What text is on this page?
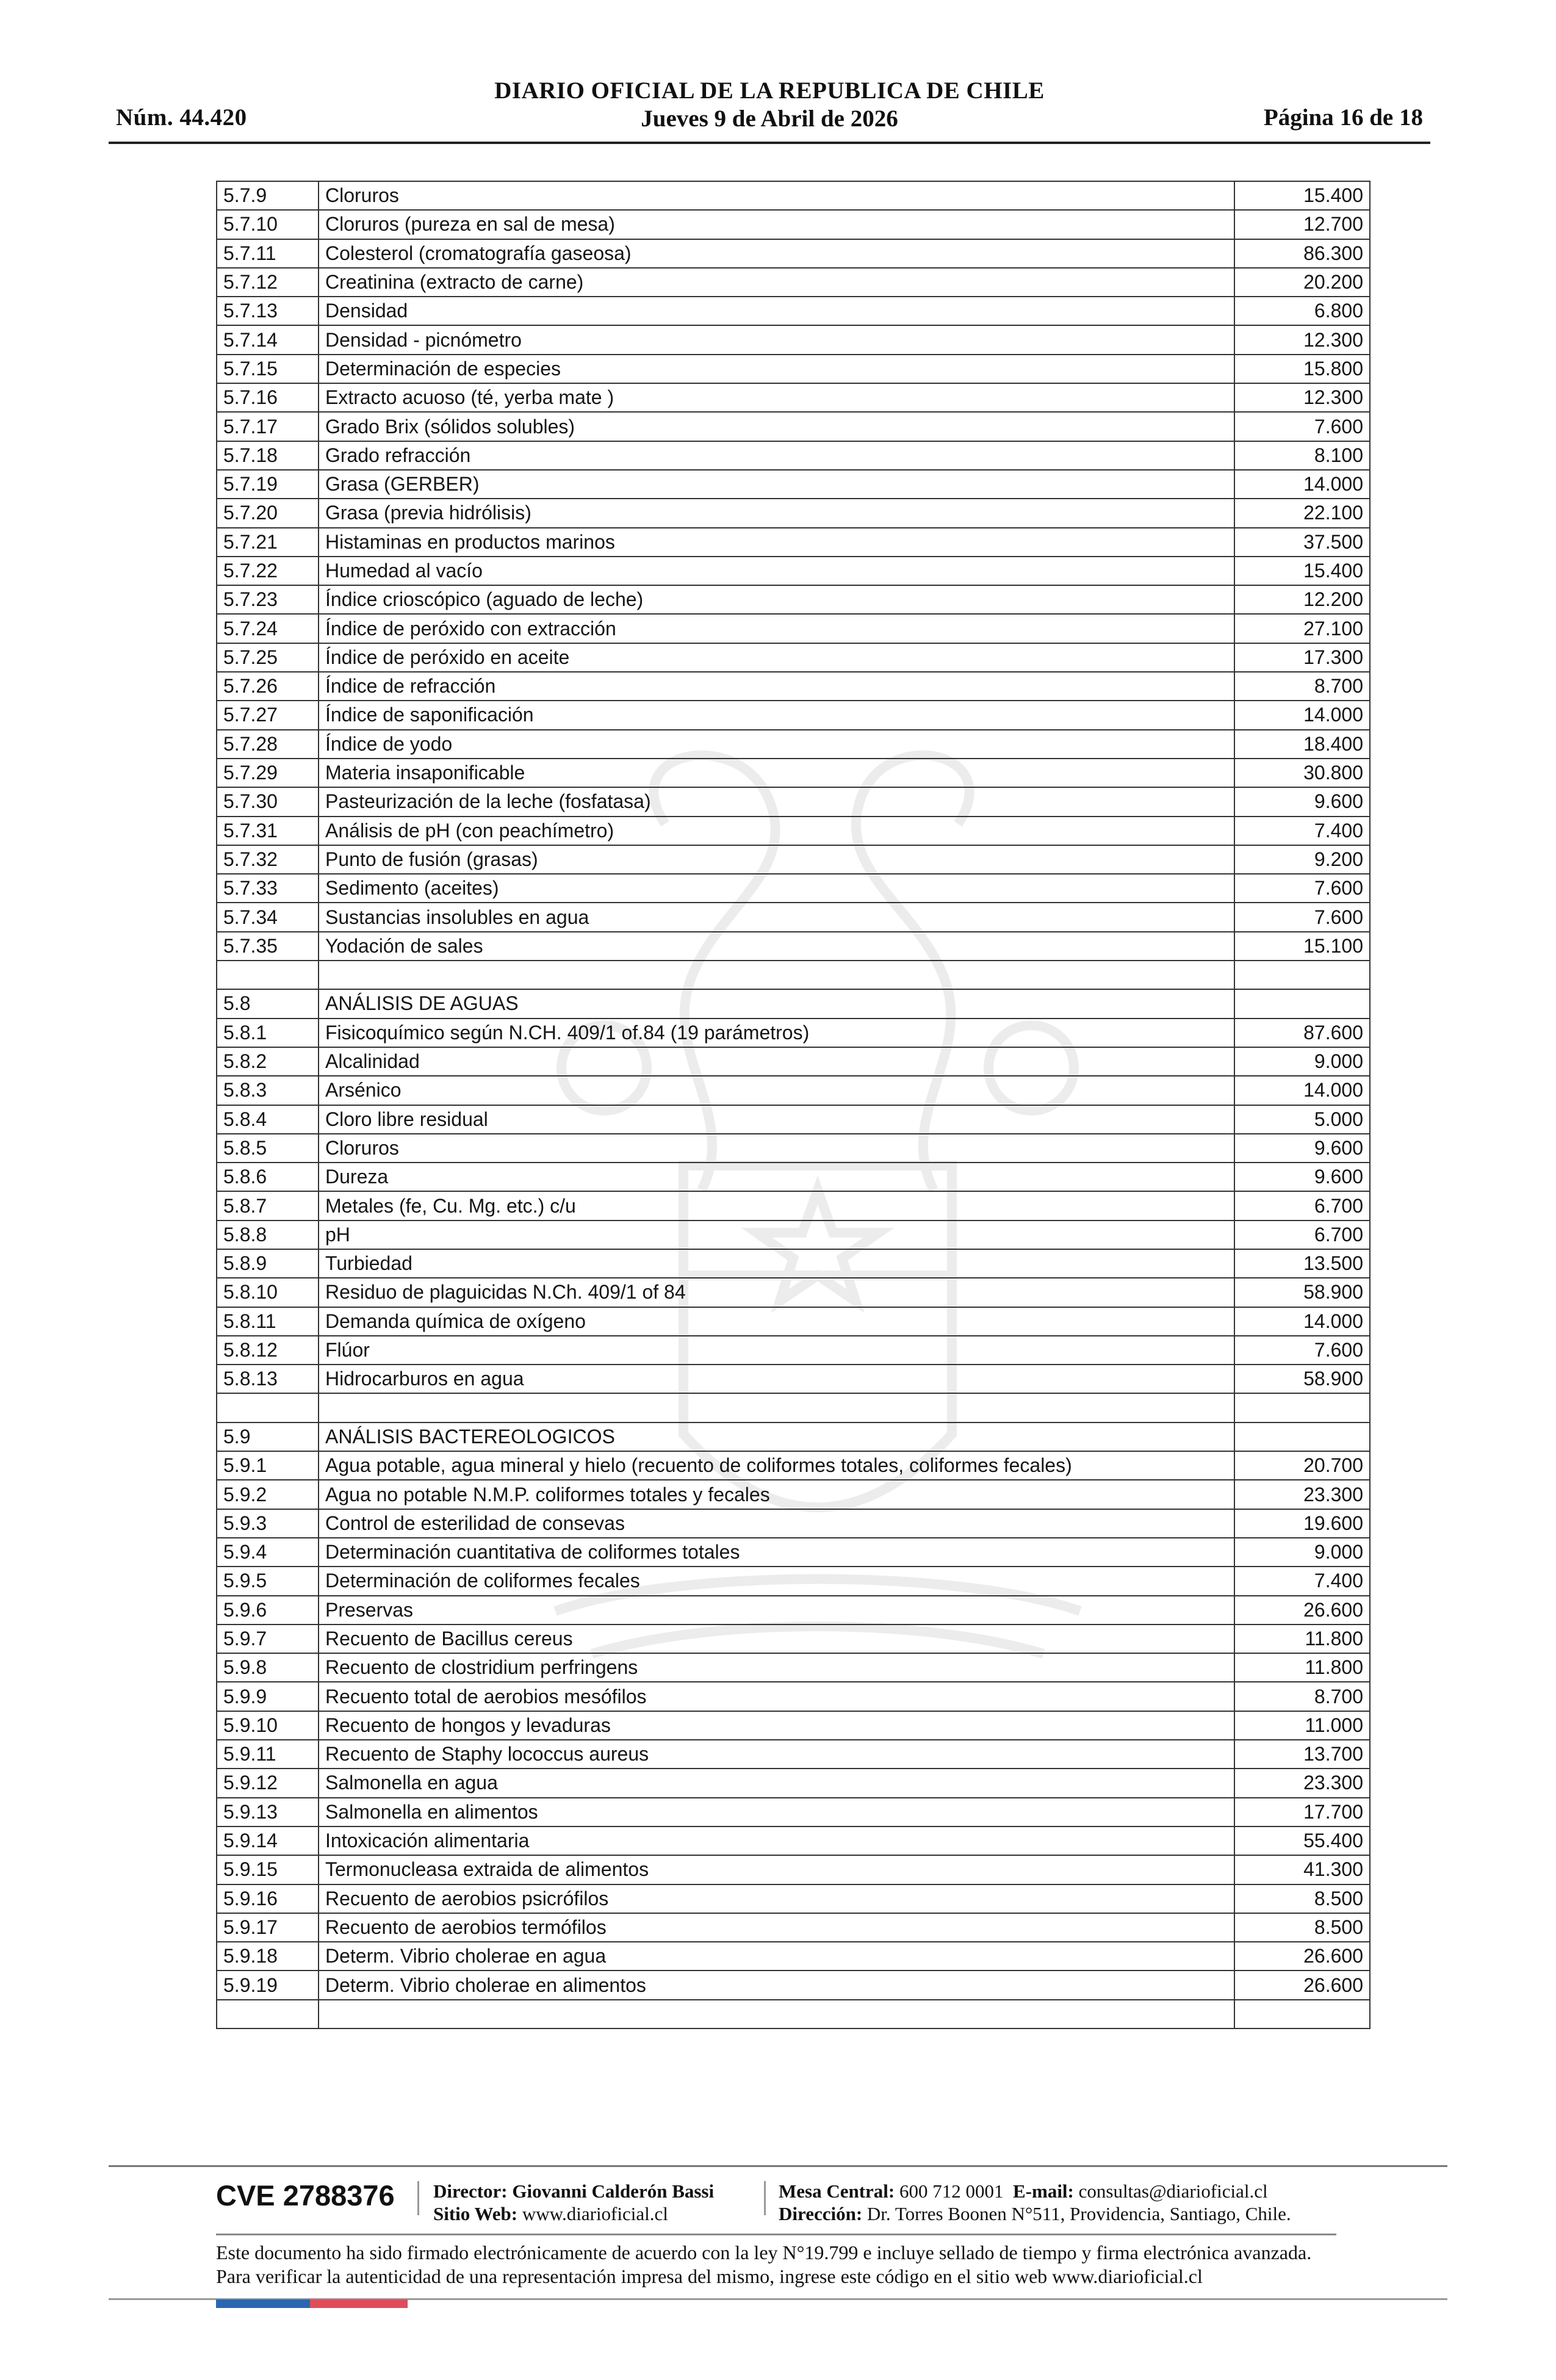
Núm. 44.420
DIARIO OFICIAL DE LA REPUBLICA DE CHILE
Jueves 9 de Abril de 2026	Página 16 de 18
5.7.9	Cloruros	15.400
5.7.10	Cloruros (pureza en sal de mesa)	12.700
5.7.11	Colesterol (cromatografía gaseosa)	86.300
5.7.12	Creatinina (extracto de carne)	20.200
5.7.13	Densidad	6.800
5.7.14	Densidad - picnómetro	12.300
5.7.15	Determinación de especies	15.800
5.7.16	Extracto acuoso (té, yerba mate )	12.300
5.7.17	Grado Brix (sólidos solubles)	7.600
5.7.18	Grado refracción	8.100
5.7.19	Grasa (GERBER)	14.000
5.7.20	Grasa (previa hidrólisis)	22.100
5.7.21	Histaminas en productos marinos	37.500
5.7.22	Humedad al vacío	15.400
5.7.23	Índice crioscópico (aguado de leche)	12.200
5.7.24	Índice de peróxido con extracción	27.100
5.7.25	Índice de peróxido en aceite	17.300
5.7.26	Índice de refracción	8.700
5.7.27	Índice de saponificación	14.000
5.7.28	Índice de yodo	18.400
5.7.29	Materia insaponificable	30.800
5.7.30	Pasteurización de la leche (fosfatasa)	9.600
5.7.31	Análisis de pH (con peachímetro)	7.400
5.7.32	Punto de fusión (grasas)	9.200
5.7.33	Sedimento (aceites)	7.600
5.7.34	Sustancias insolubles en agua	7.600
5.7.35	Yodación de sales	15.100

5.8	ANÁLISIS DE AGUAS	
5.8.1	Fisicoquímico según N.CH. 409/1 of.84 (19 parámetros)	87.600
5.8.2	Alcalinidad	9.000
5.8.3	Arsénico	14.000
5.8.4	Cloro libre residual	5.000
5.8.5	Cloruros	9.600
5.8.6	Dureza	9.600
5.8.7	Metales (fe, Cu. Mg. etc.) c/u	6.700
5.8.8	pH	6.700
5.8.9	Turbiedad	13.500
5.8.10	Residuo de plaguicidas N.Ch. 409/1 of 84	58.900
5.8.11	Demanda química de oxígeno	14.000
5.8.12	Flúor	7.600
5.8.13	Hidrocarburos en agua	58.900

5.9	ANÁLISIS BACTEREOLOGICOS	
5.9.1	Agua potable, agua mineral y hielo (recuento de coliformes totales, coliformes fecales)	20.700
5.9.2	Agua no potable N.M.P. coliformes totales y fecales	23.300
5.9.3	Control de esterilidad de consevas	19.600
5.9.4	Determinación cuantitativa de coliformes totales	9.000
5.9.5	Determinación de coliformes fecales	7.400
5.9.6	Preservas	26.600
5.9.7	Recuento de Bacillus cereus	11.800
5.9.8	Recuento de clostridium perfringens	11.800
5.9.9	Recuento total de aerobios mesófilos	8.700
5.9.10	Recuento de hongos y levaduras	11.000
5.9.11	Recuento de Staphy lococcus aureus	13.700
5.9.12	Salmonella en agua	23.300
5.9.13	Salmonella en alimentos	17.700
5.9.14	Intoxicación alimentaria	55.400
5.9.15	Termonucleasa extraida de alimentos	41.300
5.9.16	Recuento de aerobios psicrófilos	8.500
5.9.17	Recuento de aerobios termófilos	8.500
5.9.18	Determ. Vibrio cholerae en agua	26.600
5.9.19	Determ. Vibrio cholerae en alimentos	26.600

CVE 2788376 Director: Giovanni Calderón Bassi
Sitio Web: www.diarioficial.cl
Mesa Central: 600 712 0001 E-mail: consultas@diarioficial.cl
Dirección: Dr. Torres Boonen N°511, Providencia, Santiago, Chile.
Este documento ha sido firmado electrónicamente de acuerdo con la ley N°19.799 e incluye sellado de tiempo y firma electrónica avanzada. Para verificar la autenticidad de una representación impresa del mismo, ingrese este código en el sitio web www.diarioficial.cl
